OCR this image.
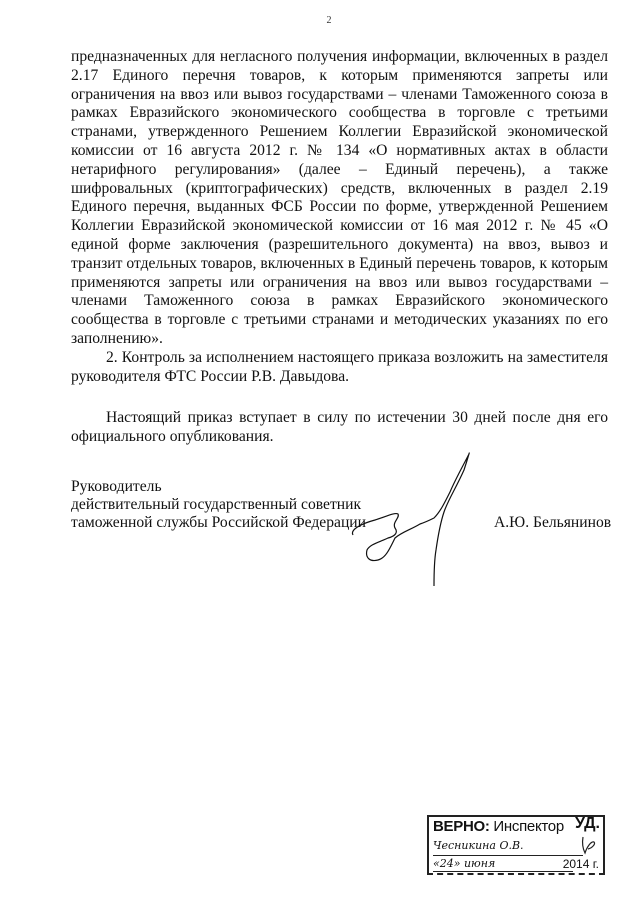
2

предназначенных для негласного получения информации, включенных в раздел 2.17 Единого перечня товаров, к которым применяются запреты или ограничения на ввоз или вывоз государствами – членами Таможенного союза в рамках Евразийского экономического сообщества в торговле с третьими странами, утвержденного Решением Коллегии Евразийской экономической комиссии от 16 августа 2012 г. № 134 «О нормативных актах в области нетарифного регулирования» (далее – Единый перечень), а также шифровальных (криптографических) средств, включенных в раздел 2.19 Единого перечня, выданных ФСБ России по форме, утвержденной Решением Коллегии Евразийской экономической комиссии от 16 мая 2012 г. № 45 «О единой форме заключения (разрешительного документа) на ввоз, вывоз и транзит отдельных товаров, включенных в Единый перечень товаров, к которым применяются запреты или ограничения на ввоз или вывоз государствами – членами Таможенного союза в рамках Евразийского экономического сообщества в торговле с третьими странами и методических указаниях по его заполнению».

2. Контроль за исполнением настоящего приказа возложить на заместителя руководителя ФТС России Р.В. Давыдова.

Настоящий приказ вступает в силу по истечении 30 дней после дня его официального опубликования.

Руководитель
действительный государственный советник
таможенной службы Российской Федерации	А.Ю. Бельянинов
ВЕРНО: Инспектор УД.
Чесникина О.В.
«24» июня	2014 г.
